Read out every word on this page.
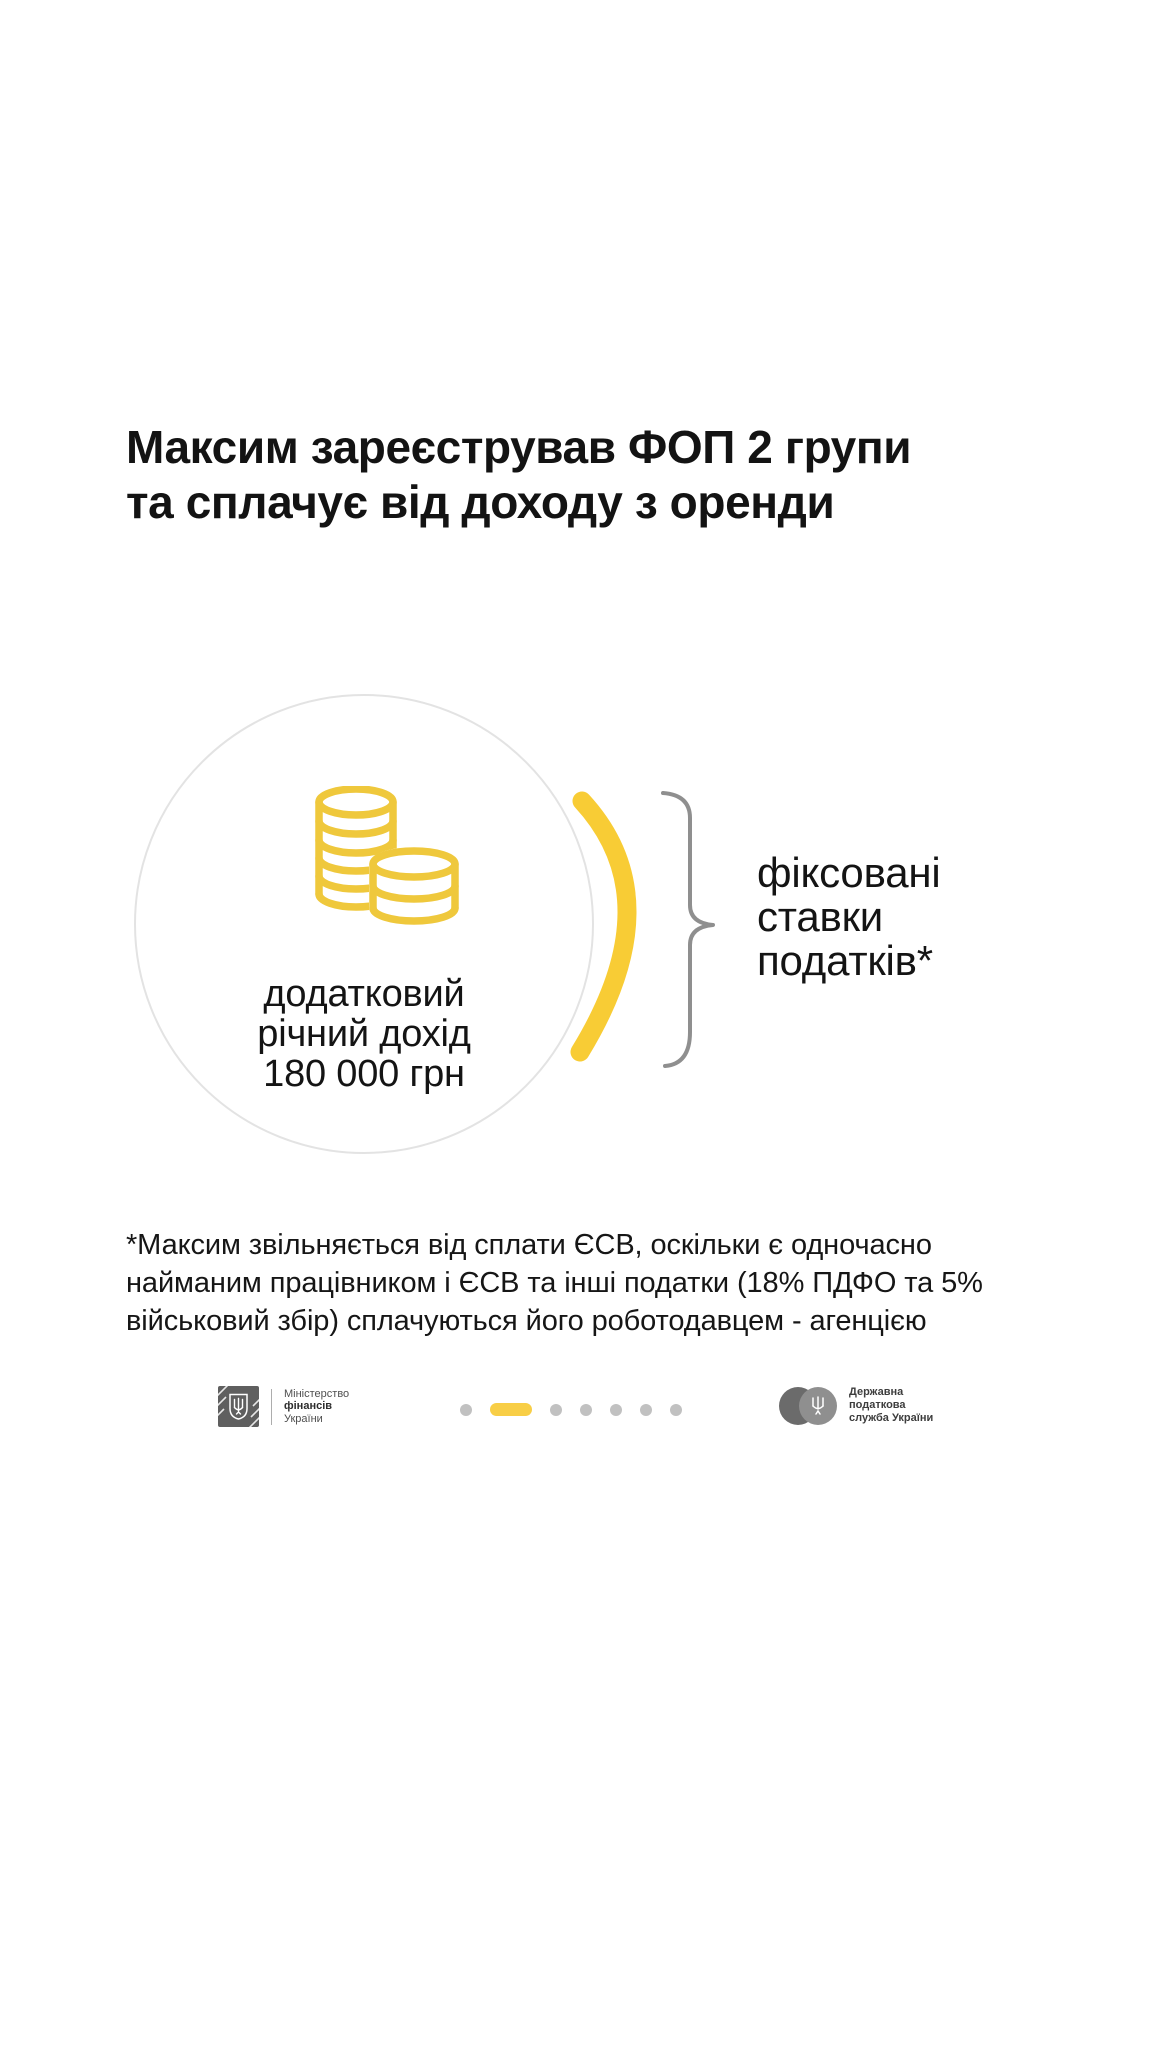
Максим зареєстрував ФОП 2 групи
та сплачує від доходу з оренди
додатковий
річний дохід
180 000 грн
фіксовані
ставки
податків*
*Максим звільняється від сплати ЄСВ, оскільки є одночасно
найманим працівником і ЄСВ та інші податки (18% ПДФО та 5%
військовий збір) сплачуються його роботодавцем - агенцією
Міністерство
фінансів
України
Державна
податкова
служба України
